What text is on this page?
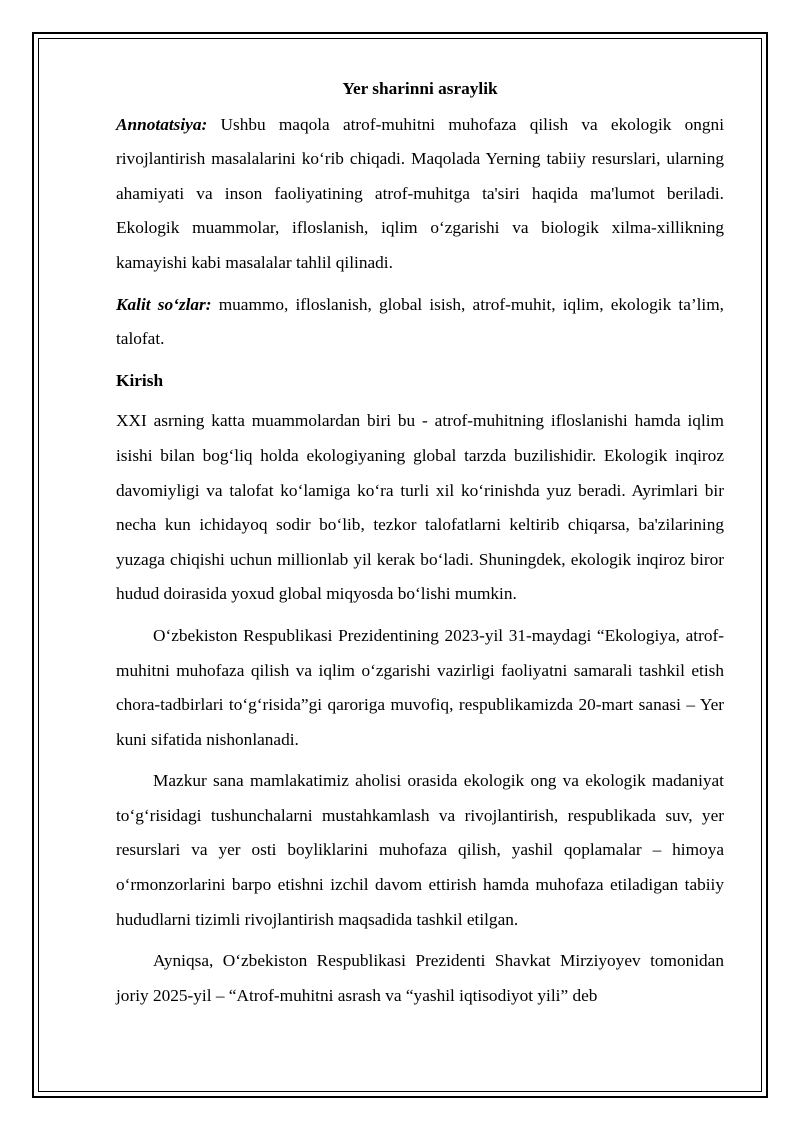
Yer sharinni asraylik

Annotatsiya: Ushbu maqola atrof-muhitni muhofaza qilish va ekologik ongni rivojlantirish masalalarini ko‘rib chiqadi. Maqolada Yerning tabiiy resurslari, ularning ahamiyati va inson faoliyatining atrof-muhitga ta'siri haqida ma'lumot beriladi. Ekologik muammolar, ifloslanish, iqlim o‘zgarishi va biologik xilma-xillikning kamayishi kabi masalalar tahlil qilinadi.

Kalit so‘zlar: muammo, ifloslanish, global isish, atrof-muhit, iqlim, ekologik ta’lim, talofat.

Kirish

XXI asrning katta muammolardan biri bu - atrof-muhitning ifloslanishi hamda iqlim isishi bilan bog‘liq holda ekologiyaning global tarzda buzilishidir. Ekologik inqiroz davomiyligi va talofat ko‘lamiga ko‘ra turli xil ko‘rinishda yuz beradi. Ayrimlari bir necha kun ichidayoq sodir bo‘lib, tezkor talofatlarni keltirib chiqarsa, ba'zilarining yuzaga chiqishi uchun millionlab yil kerak bo‘ladi. Shuningdek, ekologik inqiroz biror hudud doirasida yoxud global miqyosda bo‘lishi mumkin.

O‘zbekiston Respublikasi Prezidentining 2023-yil 31-maydagi “Ekologiya, atrof-muhitni muhofaza qilish va iqlim o‘zgarishi vazirligi faoliyatni samarali tashkil etish chora-tadbirlari to‘g‘risida”gi qaroriga muvofiq, respublikamizda 20-mart sanasi – Yer kuni sifatida nishonlanadi.

Mazkur sana mamlakatimiz aholisi orasida ekologik ong va ekologik madaniyat to‘g‘risidagi tushunchalarni mustahkamlash va rivojlantirish, respublikada suv, yer resurslari va yer osti boyliklarini muhofaza qilish, yashil qoplamalar – himoya o‘rmonzorlarini barpo etishni izchil davom ettirish hamda muhofaza etiladigan tabiiy hududlarni tizimli rivojlantirish maqsadida tashkil etilgan.

Ayniqsa, O‘zbekiston Respublikasi Prezidenti Shavkat Mirziyoyev tomonidan joriy 2025-yil – “Atrof-muhitni asrash va “yashil iqtisodiyot yili” deb
